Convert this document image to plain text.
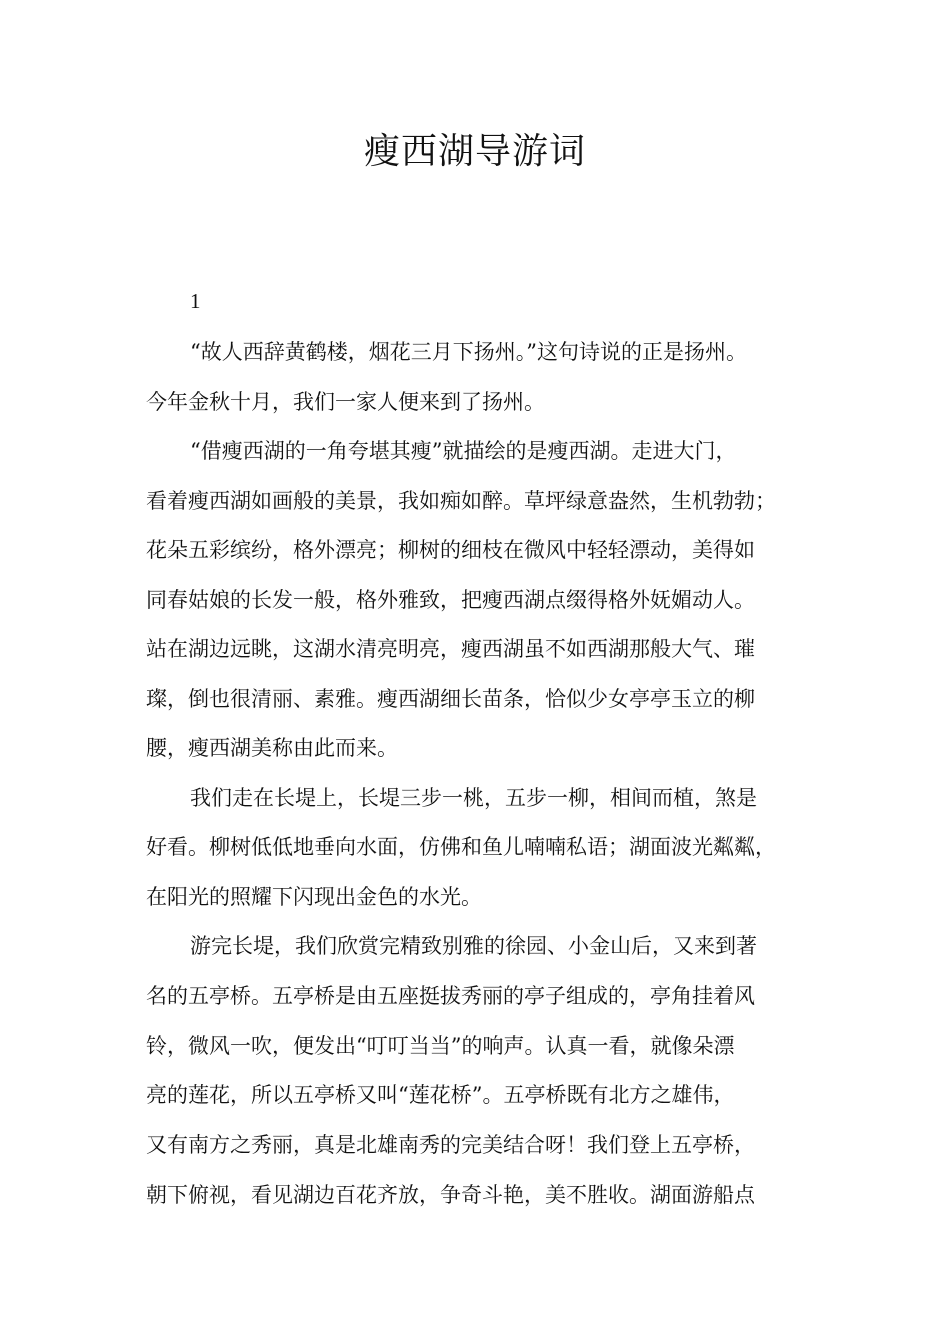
瘦西湖导游词
1
“故人西辞黄鹤楼，烟花三月下扬州。”这句诗说的正是扬州。
今年金秋十月，我们一家人便来到了扬州。
“借瘦西湖的一角夸堪其瘦”就描绘的是瘦西湖。走进大门，
看着瘦西湖如画般的美景，我如痴如醉。草坪绿意盎然，生机勃勃；
花朵五彩缤纷，格外漂亮；柳树的细枝在微风中轻轻漂动，美得如
同春姑娘的长发一般，格外雅致，把瘦西湖点缀得格外妩媚动人。
站在湖边远眺，这湖水清亮明亮，瘦西湖虽不如西湖那般大气、璀
璨，倒也很清丽、素雅。瘦西湖细长苗条，恰似少女亭亭玉立的柳
腰，瘦西湖美称由此而来。
我们走在长堤上，长堤三步一桃，五步一柳，相间而植，煞是
好看。柳树低低地垂向水面，仿佛和鱼儿喃喃私语；湖面波光粼粼，
在阳光的照耀下闪现出金色的水光。
游完长堤，我们欣赏完精致别雅的徐园、小金山后，又来到著
名的五亭桥。五亭桥是由五座挺拔秀丽的亭子组成的，亭角挂着风
铃，微风一吹，便发出“叮叮当当”的响声。认真一看，就像朵漂
亮的莲花，所以五亭桥又叫“莲花桥”。五亭桥既有北方之雄伟，
又有南方之秀丽，真是北雄南秀的完美结合呀！我们登上五亭桥，
朝下俯视，看见湖边百花齐放，争奇斗艳，美不胜收。湖面游船点
